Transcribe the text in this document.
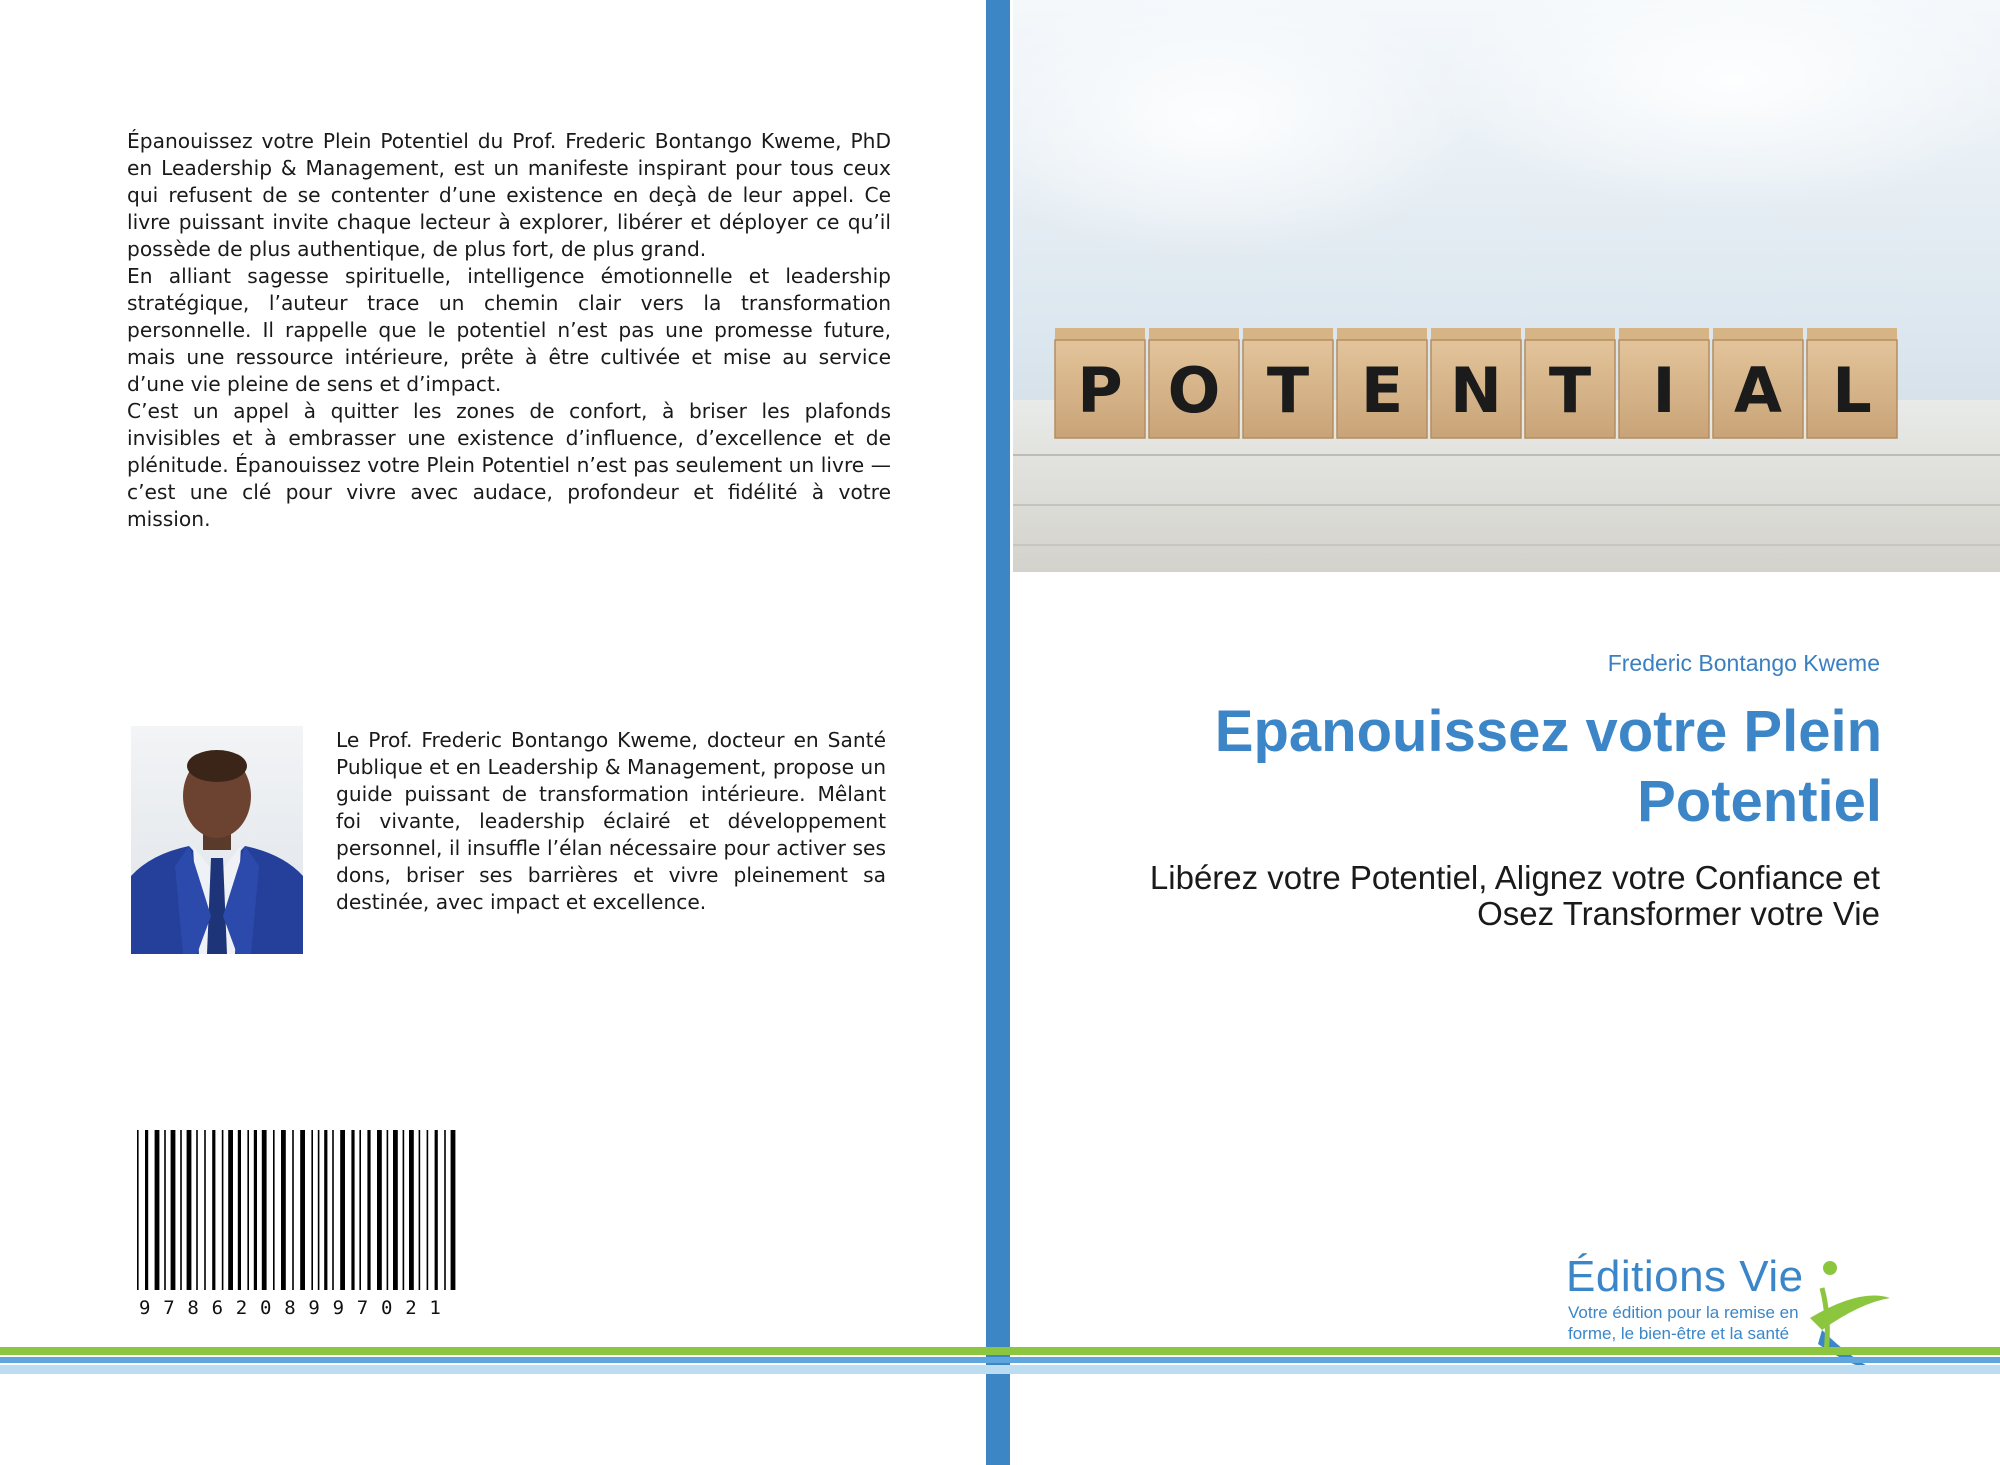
Épanouissez votre Plein Potentiel du Prof. Frederic Bontango Kweme, PhD en Leadership & Management, est un manifeste inspirant pour tous ceux qui refusent de se contenter d’une existence en deçà de leur appel. Ce livre puissant invite chaque lecteur à explorer, libérer et déployer ce qu’il possède de plus authentique, de plus fort, de plus grand.

En alliant sagesse spirituelle, intelligence émotionnelle et leadership stratégique, l’auteur trace un chemin clair vers la transformation personnelle. Il rappelle que le potentiel n’est pas une promesse future, mais une ressource intérieure, prête à être cultivée et mise au service d’une vie pleine de sens et d’impact.

C’est un appel à quitter les zones de confort, à briser les plafonds invisibles et à embrasser une existence d’influence, d’excellence et de plénitude. Épanouissez votre Plein Potentiel n’est pas seulement un livre — c’est une clé pour vivre avec audace, profondeur et fidélité à votre mission.

Le Prof. Frederic Bontango Kweme, docteur en Santé Publique et en Leadership & Management, propose un guide puissant de transformation intérieure. Mêlant foi vivante, leadership éclairé et développement personnel, il insuffle l’élan nécessaire pour activer ses dons, briser ses barrières et vivre pleinement sa destinée, avec impact et excellence.
9 7 8 6 2 0 8 9 9 7 0 2 1
P O T E N T I A L
Frederic Bontango Kweme
Epanouissez votre Plein Potentiel
Libérez votre Potentiel, Alignez votre Confiance et Osez Transformer votre Vie
Éditions Vie
Votre édition pour la remise en forme, le bien-être et la santé
